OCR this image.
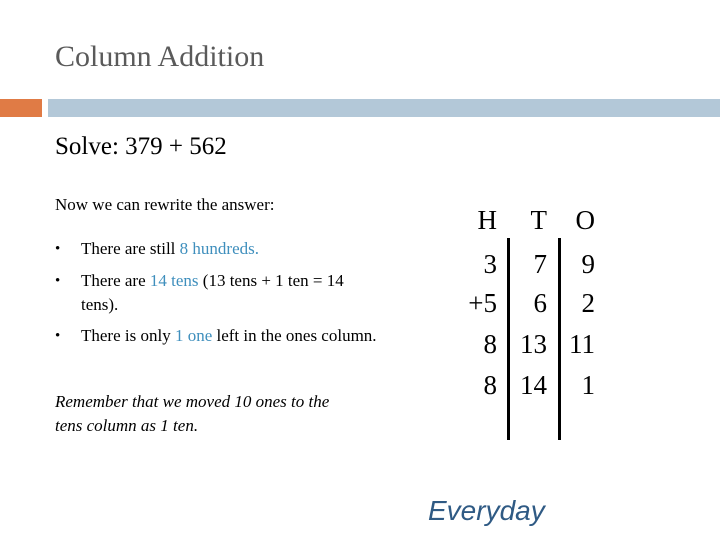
Column Addition
Solve: 379 + 562
Now we can rewrite the answer:
•	There are still 8 hundreds.
•	There are 14 tens (13 tens + 1 ten = 14 tens).
•	There is only 1 one left in the ones column.
Remember that we moved 10 ones to the tens column as 1 ten.
H	T	O
3	7	9
+5	6	2
8 13 11
8 14	1
Everyday
